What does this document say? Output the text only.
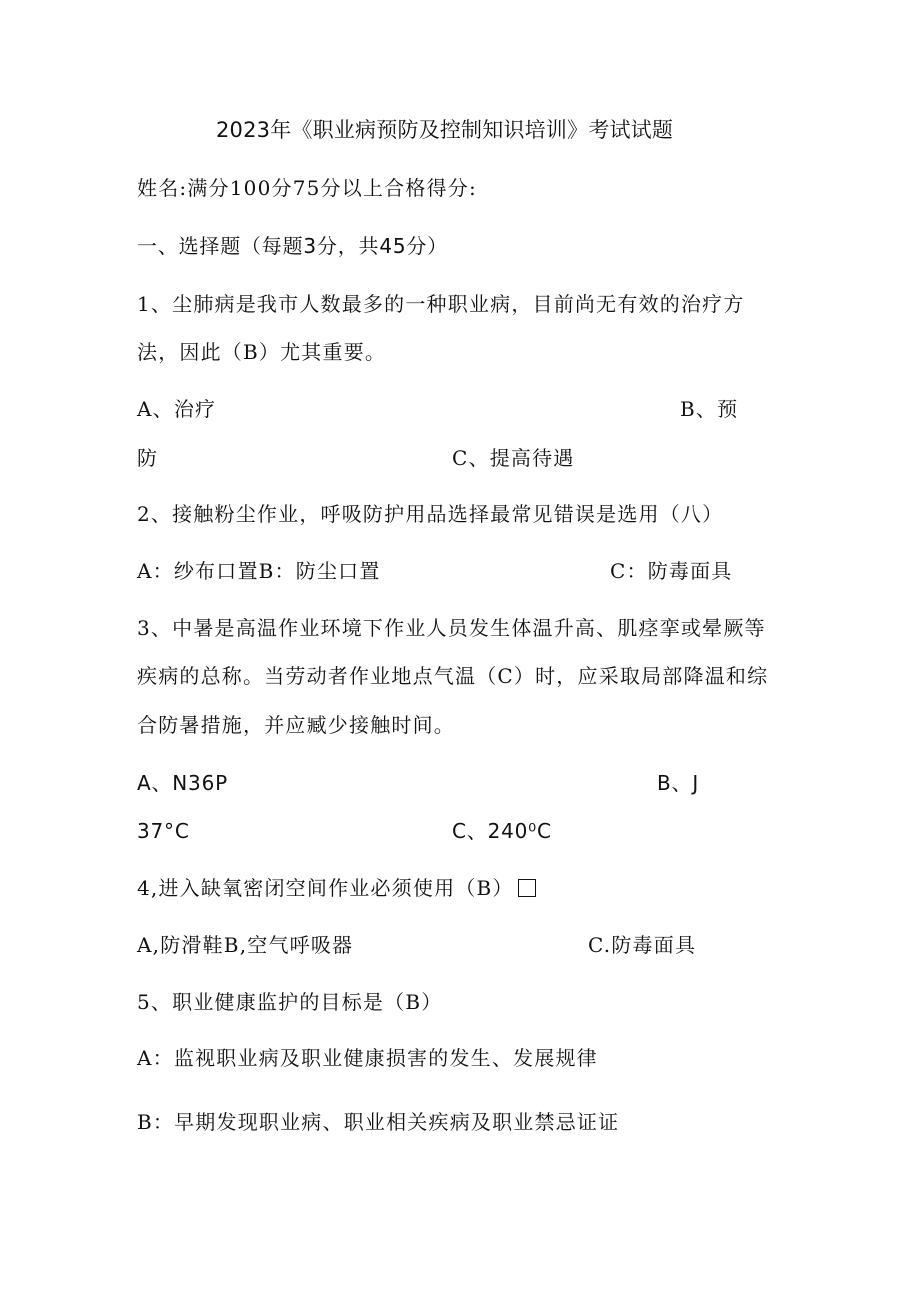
2023年《职业病预防及控制知识培训》考试试题
姓名:满分100分75分以上合格得分:
一、选择题（每题3分，共45分）
1、尘肺病是我市人数最多的一种职业病，目前尚无有效的治疗方
法，因此（B）尤其重要。
A、治疗	B、预
防	C、提高待遇
2、接触粉尘作业，呼吸防护用品选择最常见错误是选用（八）
A：纱布口置B：防尘口置	C：防毒面具
3、中暑是高温作业环境下作业人员发生体温升高、肌痉挛或晕厥等
疾病的总称。当劳动者作业地点气温（C）时，应采取局部降温和综
合防暑措施，并应臧少接触时间。
A、N36P	B、J
37°C	C、240⁰C
4,进入缺氧密闭空间作业必须使用（B）
A,防滑鞋B,空气呼吸器	C.防毒面具
5、职业健康监护的目标是（B）
A：监视职业病及职业健康损害的发生、发展规律
B：早期发现职业病、职业相关疾病及职业禁忌证证
